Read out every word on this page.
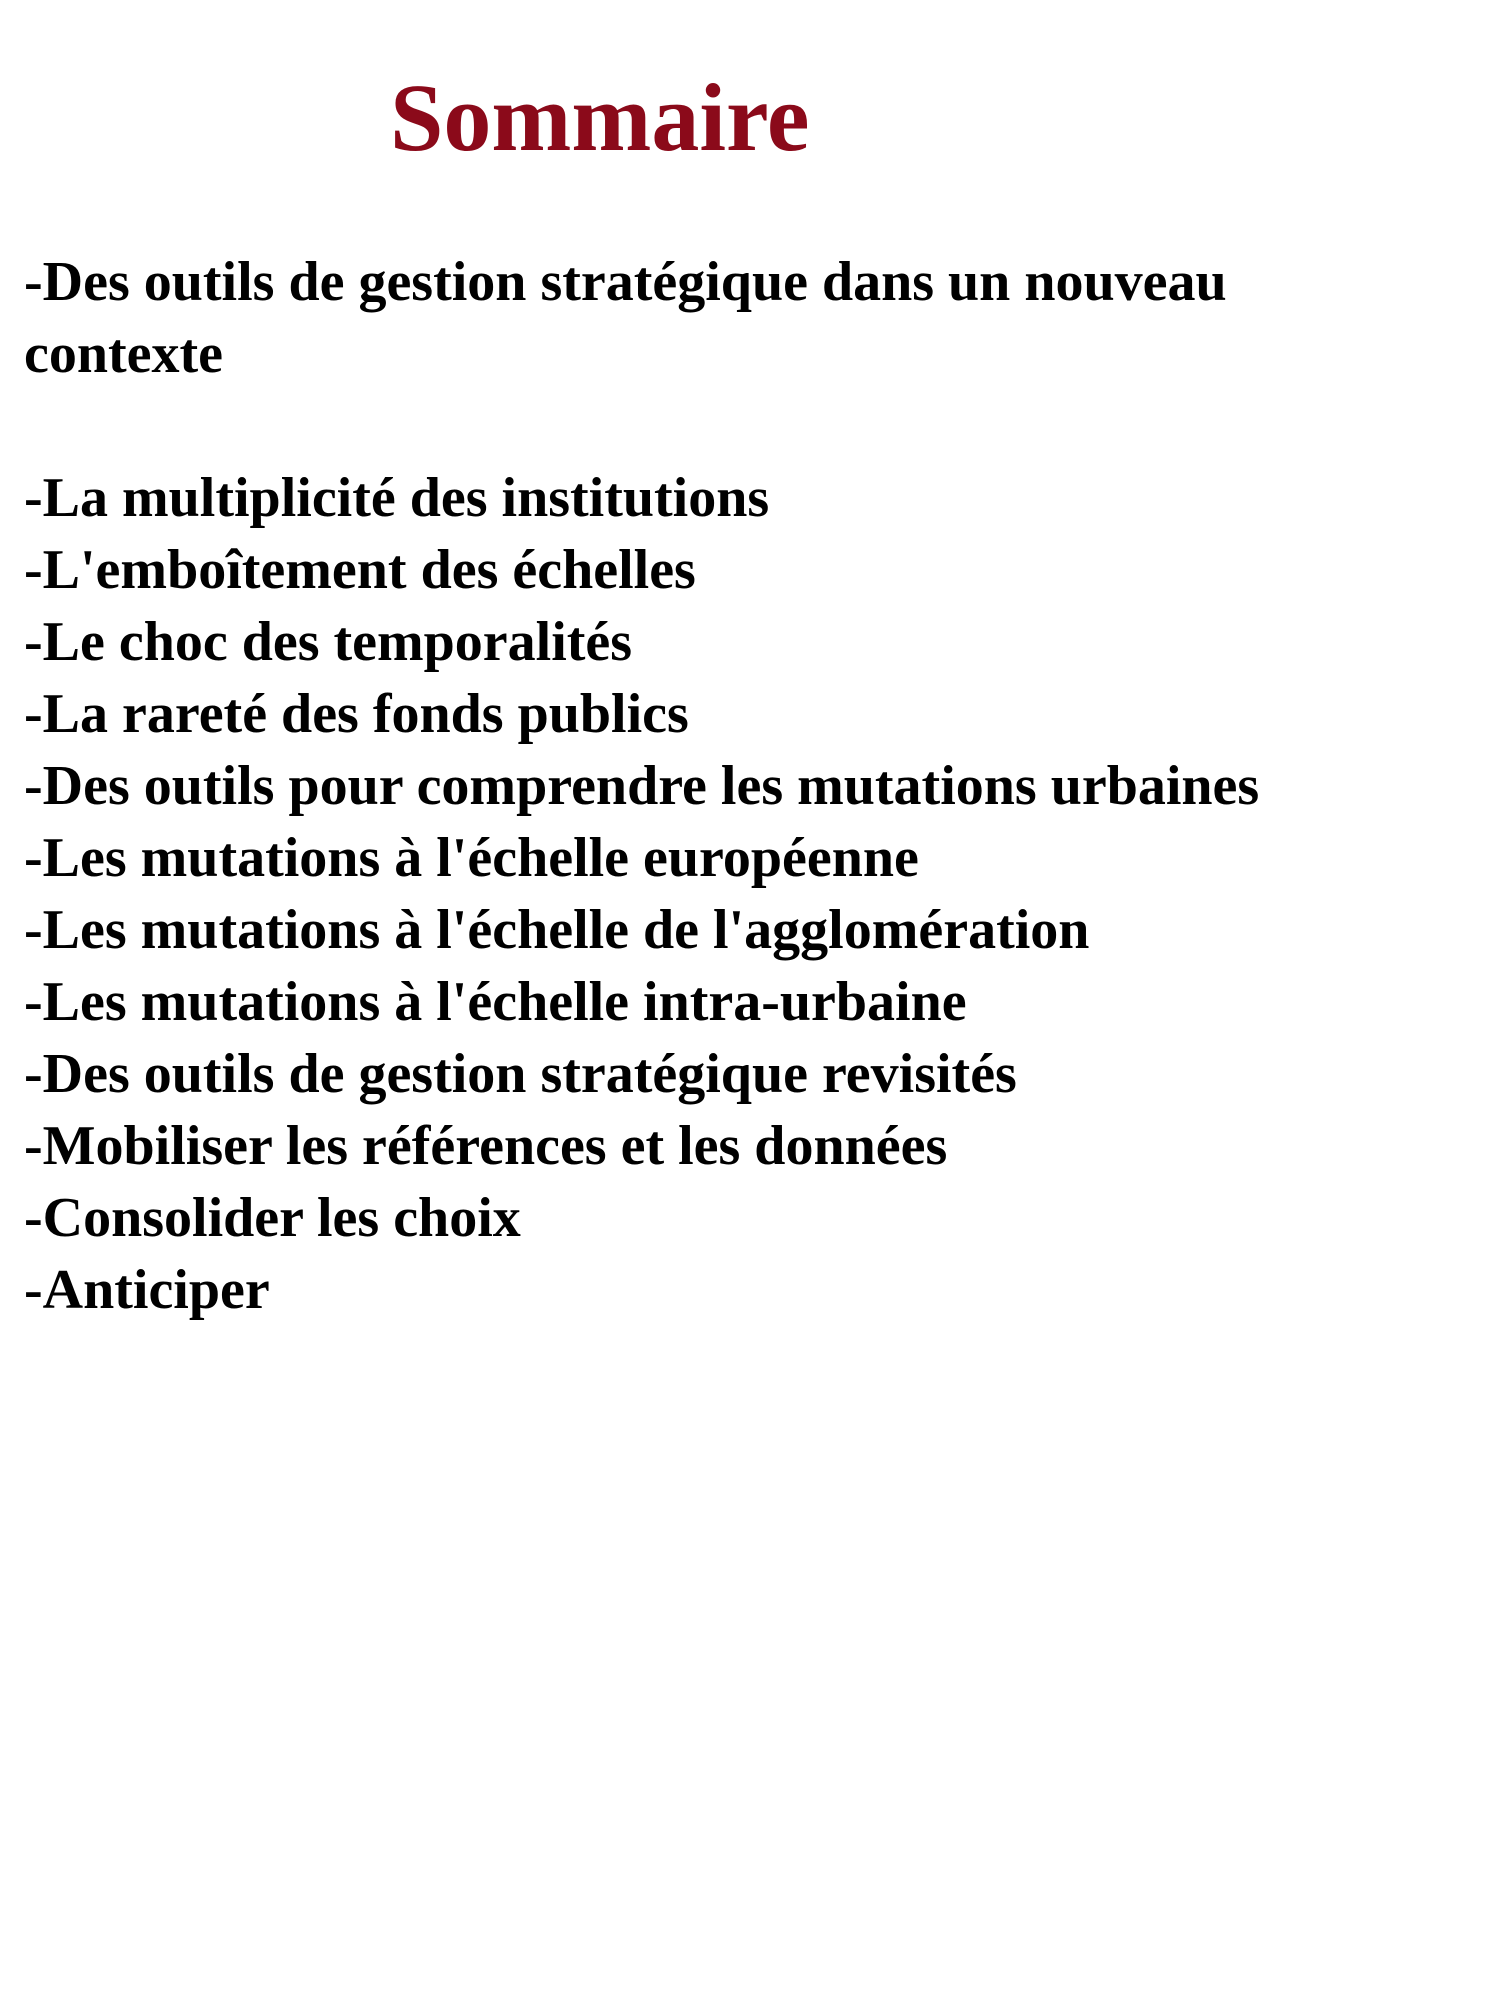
Sommaire
-Des outils de gestion stratégique dans un nouveau contexte
-La multiplicité des institutions
-L'emboîtement des échelles
-Le choc des temporalités
-La rareté des fonds publics
-Des outils pour comprendre les mutations urbaines
-Les mutations à l'échelle européenne
-Les mutations à l'échelle de l'agglomération
-Les mutations à l'échelle intra-urbaine
-Des outils de gestion stratégique revisités
-Mobiliser les références et les données
-Consolider les choix
-Anticiper
